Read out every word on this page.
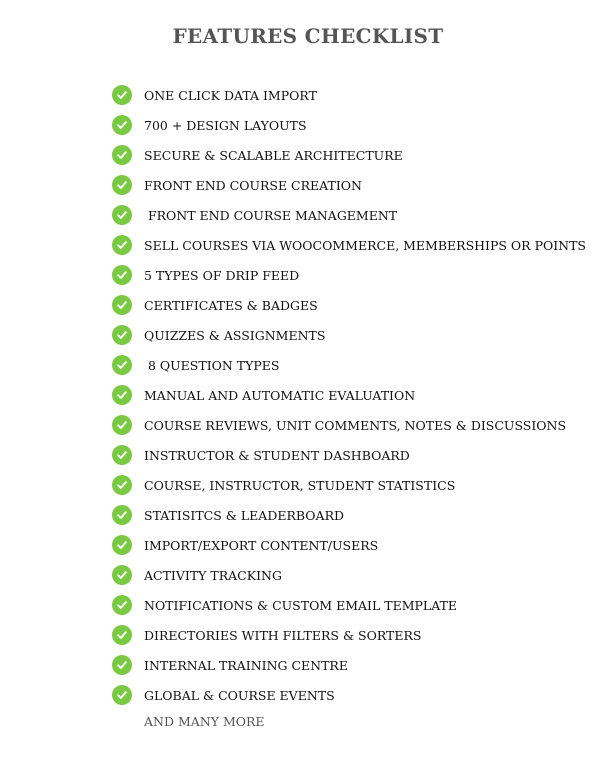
FEATURES CHECKLIST
ONE CLICK DATA IMPORT
700 + DESIGN LAYOUTS
SECURE & SCALABLE ARCHITECTURE
FRONT END COURSE CREATION
FRONT END COURSE MANAGEMENT
SELL COURSES VIA WOOCOMMERCE, MEMBERSHIPS OR POINTS
5 TYPES OF DRIP FEED
CERTIFICATES & BADGES
QUIZZES & ASSIGNMENTS
8 QUESTION TYPES
MANUAL AND AUTOMATIC EVALUATION
COURSE REVIEWS, UNIT COMMENTS, NOTES & DISCUSSIONS
INSTRUCTOR & STUDENT DASHBOARD
COURSE, INSTRUCTOR, STUDENT STATISTICS
STATISITCS & LEADERBOARD
IMPORT/EXPORT CONTENT/USERS
ACTIVITY TRACKING
NOTIFICATIONS & CUSTOM EMAIL TEMPLATE
DIRECTORIES WITH FILTERS & SORTERS
INTERNAL TRAINING CENTRE
GLOBAL & COURSE EVENTS
AND MANY MORE
